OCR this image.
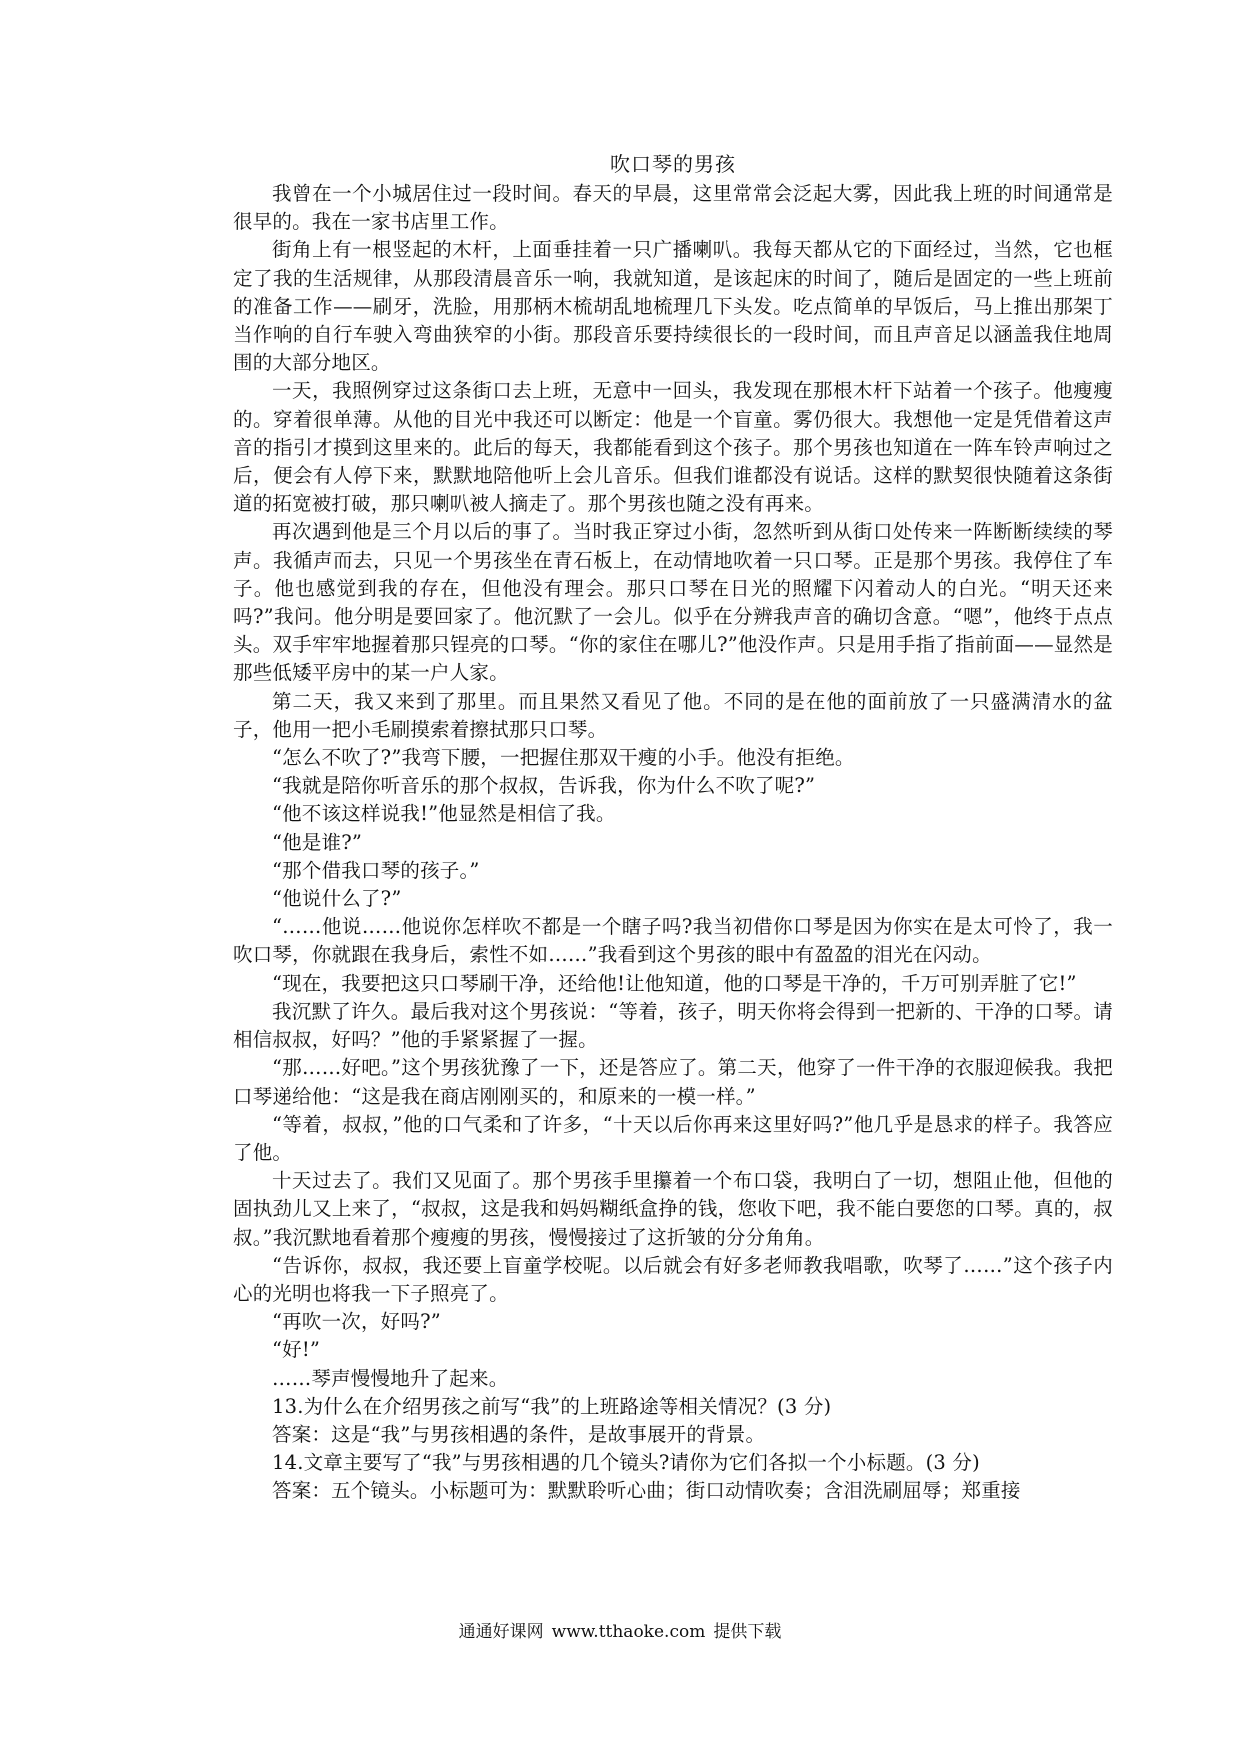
吹口琴的男孩

我曾在一个小城居住过一段时间。春天的早晨，这里常常会泛起大雾，因此我上班的时间通常是很早的。我在一家书店里工作。

街角上有一根竖起的木杆，上面垂挂着一只广播喇叭。我每天都从它的下面经过，当然，它也框定了我的生活规律，从那段清晨音乐一响，我就知道，是该起床的时间了，随后是固定的一些上班前的准备工作——刷牙，洗脸，用那柄木梳胡乱地梳理几下头发。吃点简单的早饭后，马上推出那架丁当作响的自行车驶入弯曲狭窄的小街。那段音乐要持续很长的一段时间，而且声音足以涵盖我住地周围的大部分地区。

一天，我照例穿过这条街口去上班，无意中一回头，我发现在那根木杆下站着一个孩子。他瘦瘦的。穿着很单薄。从他的目光中我还可以断定：他是一个盲童。雾仍很大。我想他一定是凭借着这声音的指引才摸到这里来的。此后的每天，我都能看到这个孩子。那个男孩也知道在一阵车铃声响过之后，便会有人停下来，默默地陪他听上会儿音乐。但我们谁都没有说话。这样的默契很快随着这条街道的拓宽被打破，那只喇叭被人摘走了。那个男孩也随之没有再来。

再次遇到他是三个月以后的事了。当时我正穿过小街，忽然听到从街口处传来一阵断断续续的琴声。我循声而去，只见一个男孩坐在青石板上，在动情地吹着一只口琴。正是那个男孩。我停住了车子。他也感觉到我的存在，但他没有理会。那只口琴在日光的照耀下闪着动人的白光。“明天还来吗?”我问。他分明是要回家了。他沉默了一会儿。似乎在分辨我声音的确切含意。“嗯”，他终于点点头。双手牢牢地握着那只锃亮的口琴。“你的家住在哪儿?”他没作声。只是用手指了指前面——显然是那些低矮平房中的某一户人家。

第二天，我又来到了那里。而且果然又看见了他。不同的是在他的面前放了一只盛满清水的盆子，他用一把小毛刷摸索着擦拭那只口琴。

“怎么不吹了?”我弯下腰，一把握住那双干瘦的小手。他没有拒绝。

“我就是陪你听音乐的那个叔叔，告诉我，你为什么不吹了呢?”

“他不该这样说我!”他显然是相信了我。

“他是谁?”

“那个借我口琴的孩子。”

“他说什么了?”

“……他说……他说你怎样吹不都是一个瞎子吗?我当初借你口琴是因为你实在是太可怜了，我一吹口琴，你就跟在我身后，索性不如……”我看到这个男孩的眼中有盈盈的泪光在闪动。

“现在，我要把这只口琴刷干净，还给他!让他知道，他的口琴是干净的，千万可别弄脏了它!”

我沉默了许久。最后我对这个男孩说：“等着，孩子，明天你将会得到一把新的、干净的口琴。请相信叔叔，好吗？”他的手紧紧握了一握。

“那……好吧。”这个男孩犹豫了一下，还是答应了。第二天，他穿了一件干净的衣服迎候我。我把口琴递给他：“这是我在商店刚刚买的，和原来的一模一样。”

“等着，叔叔，”他的口气柔和了许多，“十天以后你再来这里好吗?”他几乎是恳求的样子。我答应了他。

十天过去了。我们又见面了。那个男孩手里攥着一个布口袋，我明白了一切，想阻止他，但他的固执劲儿又上来了，“叔叔，这是我和妈妈糊纸盒挣的钱，您收下吧，我不能白要您的口琴。真的，叔叔。”我沉默地看着那个瘦瘦的男孩，慢慢接过了这折皱的分分角角。

“告诉你，叔叔，我还要上盲童学校呢。以后就会有好多老师教我唱歌，吹琴了……”这个孩子内心的光明也将我一下子照亮了。

“再吹一次，好吗?”

“好!”

……琴声慢慢地升了起来。

13.为什么在介绍男孩之前写“我”的上班路途等相关情况？(3 分)

答案：这是“我”与男孩相遇的条件，是故事展开的背景。

14.文章主要写了“我”与男孩相遇的几个镜头?请你为它们各拟一个小标题。(3 分)

答案：五个镜头。小标题可为：默默聆听心曲；街口动情吹奏；含泪洗刷屈辱；郑重接

通通好课网 www.tthaoke.com 提供下载
